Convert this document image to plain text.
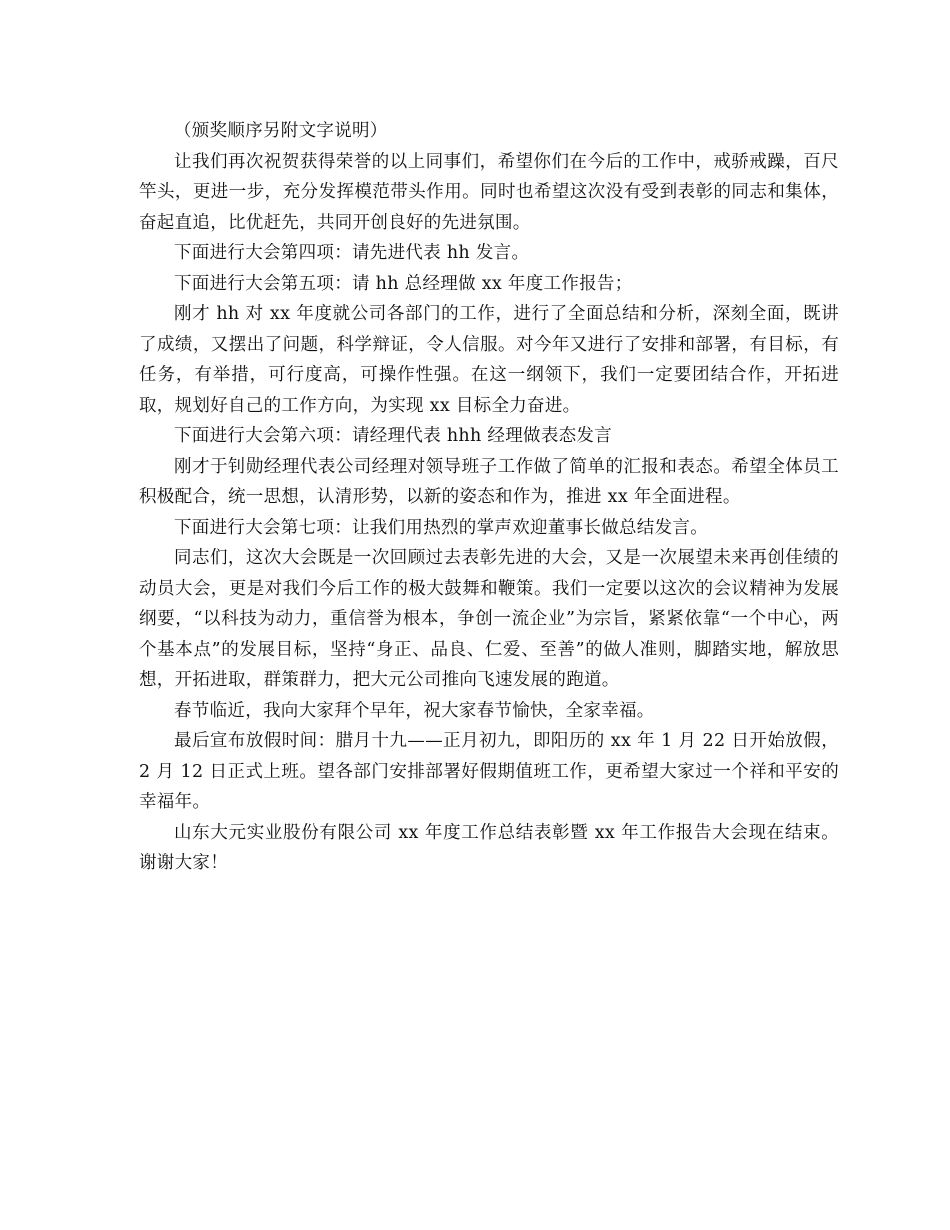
（颁奖顺序另附文字说明）

让我们再次祝贺获得荣誉的以上同事们，希望你们在今后的工作中，戒骄戒躁，百尺竿头，更进一步，充分发挥模范带头作用。同时也希望这次没有受到表彰的同志和集体，奋起直追，比优赶先，共同开创良好的先进氛围。

下面进行大会第四项：请先进代表 hh 发言。

下面进行大会第五项：请 hh 总经理做 xx 年度工作报告；

刚才 hh 对 xx 年度就公司各部门的工作，进行了全面总结和分析，深刻全面，既讲了成绩，又摆出了问题，科学辩证，令人信服。对今年又进行了安排和部署，有目标，有任务，有举措，可行度高，可操作性强。在这一纲领下，我们一定要团结合作，开拓进取，规划好自己的工作方向，为实现 xx 目标全力奋进。

下面进行大会第六项：请经理代表 hhh 经理做表态发言

刚才于钊勋经理代表公司经理对领导班子工作做了简单的汇报和表态。希望全体员工积极配合，统一思想，认清形势，以新的姿态和作为，推进 xx 年全面进程。

下面进行大会第七项：让我们用热烈的掌声欢迎董事长做总结发言。

同志们，这次大会既是一次回顾过去表彰先进的大会，又是一次展望未来再创佳绩的动员大会，更是对我们今后工作的极大鼓舞和鞭策。我们一定要以这次的会议精神为发展纲要，“以科技为动力，重信誉为根本，争创一流企业”为宗旨，紧紧依靠“一个中心，两个基本点”的发展目标，坚持“身正、品良、仁爱、至善”的做人准则，脚踏实地，解放思想，开拓进取，群策群力，把大元公司推向飞速发展的跑道。

春节临近，我向大家拜个早年，祝大家春节愉快，全家幸福。

最后宣布放假时间：腊月十九——正月初九，即阳历的 xx 年 1 月 22 日开始放假，2 月 12 日正式上班。望各部门安排部署好假期值班工作，更希望大家过一个祥和平安的幸福年。

山东大元实业股份有限公司 xx 年度工作总结表彰暨 xx 年工作报告大会现在结束。谢谢大家！
